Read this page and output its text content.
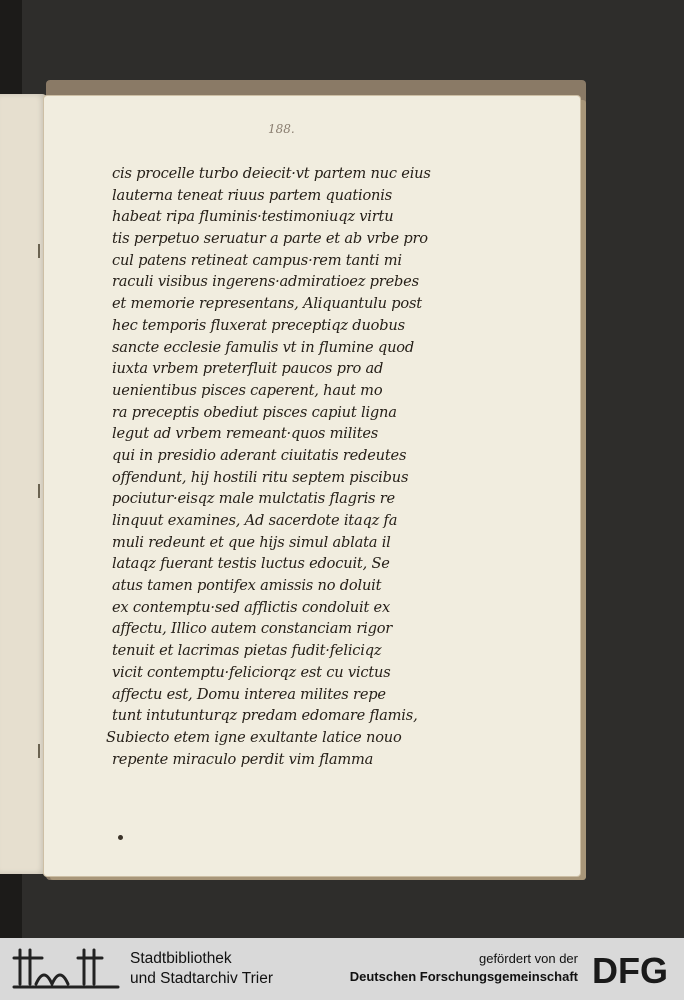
188.
cis procelle turbo deiecit·vt partem nuc eius
lauterna teneat riuus partem quationis
habeat ripa fluminis·testimoniuqz virtu
tis perpetuo seruatur a parte et ab vrbe pro
cul patens retineat campus·rem tanti mi
raculi visibus ingerens·admiratioez prebes
et memorie representans, Aliquantulu post
hec temporis fluxerat preceptiqz duobus
sancte ecclesie famulis vt in flumine quod
iuxta vrbem preterfluit paucos pro ad
uenientibus pisces caperent, haut mo
ra preceptis obediut pisces capiut ligna
legut ad vrbem remeant·quos milites
qui in presidio aderant ciuitatis redeutes
offendunt, hij hostili ritu septem piscibus
pociutur·eisqz male mulctatis flagris re
linquut examines, Ad sacerdote itaqz fa
muli redeunt et que hijs simul ablata il
lataqz fuerant testis luctus edocuit, Se
atus tamen pontifex amissis no doluit
ex contemptu·sed afflictis condoluit ex
affectu, Illico autem constanciam rigor
tenuit et lacrimas pietas fudit·feliciqz
vicit contemptu·feliciorqz est cu victus
affectu est, Domu interea milites repe
tunt intutunturqz predam edomare flamis,
Subiecto etem igne exultante latice nouo
repente miraculo perdit vim flamma
Stadtbibliothek
und Stadtarchiv Trier
gefördert von der
Deutschen Forschungsgemeinschaft DFG
